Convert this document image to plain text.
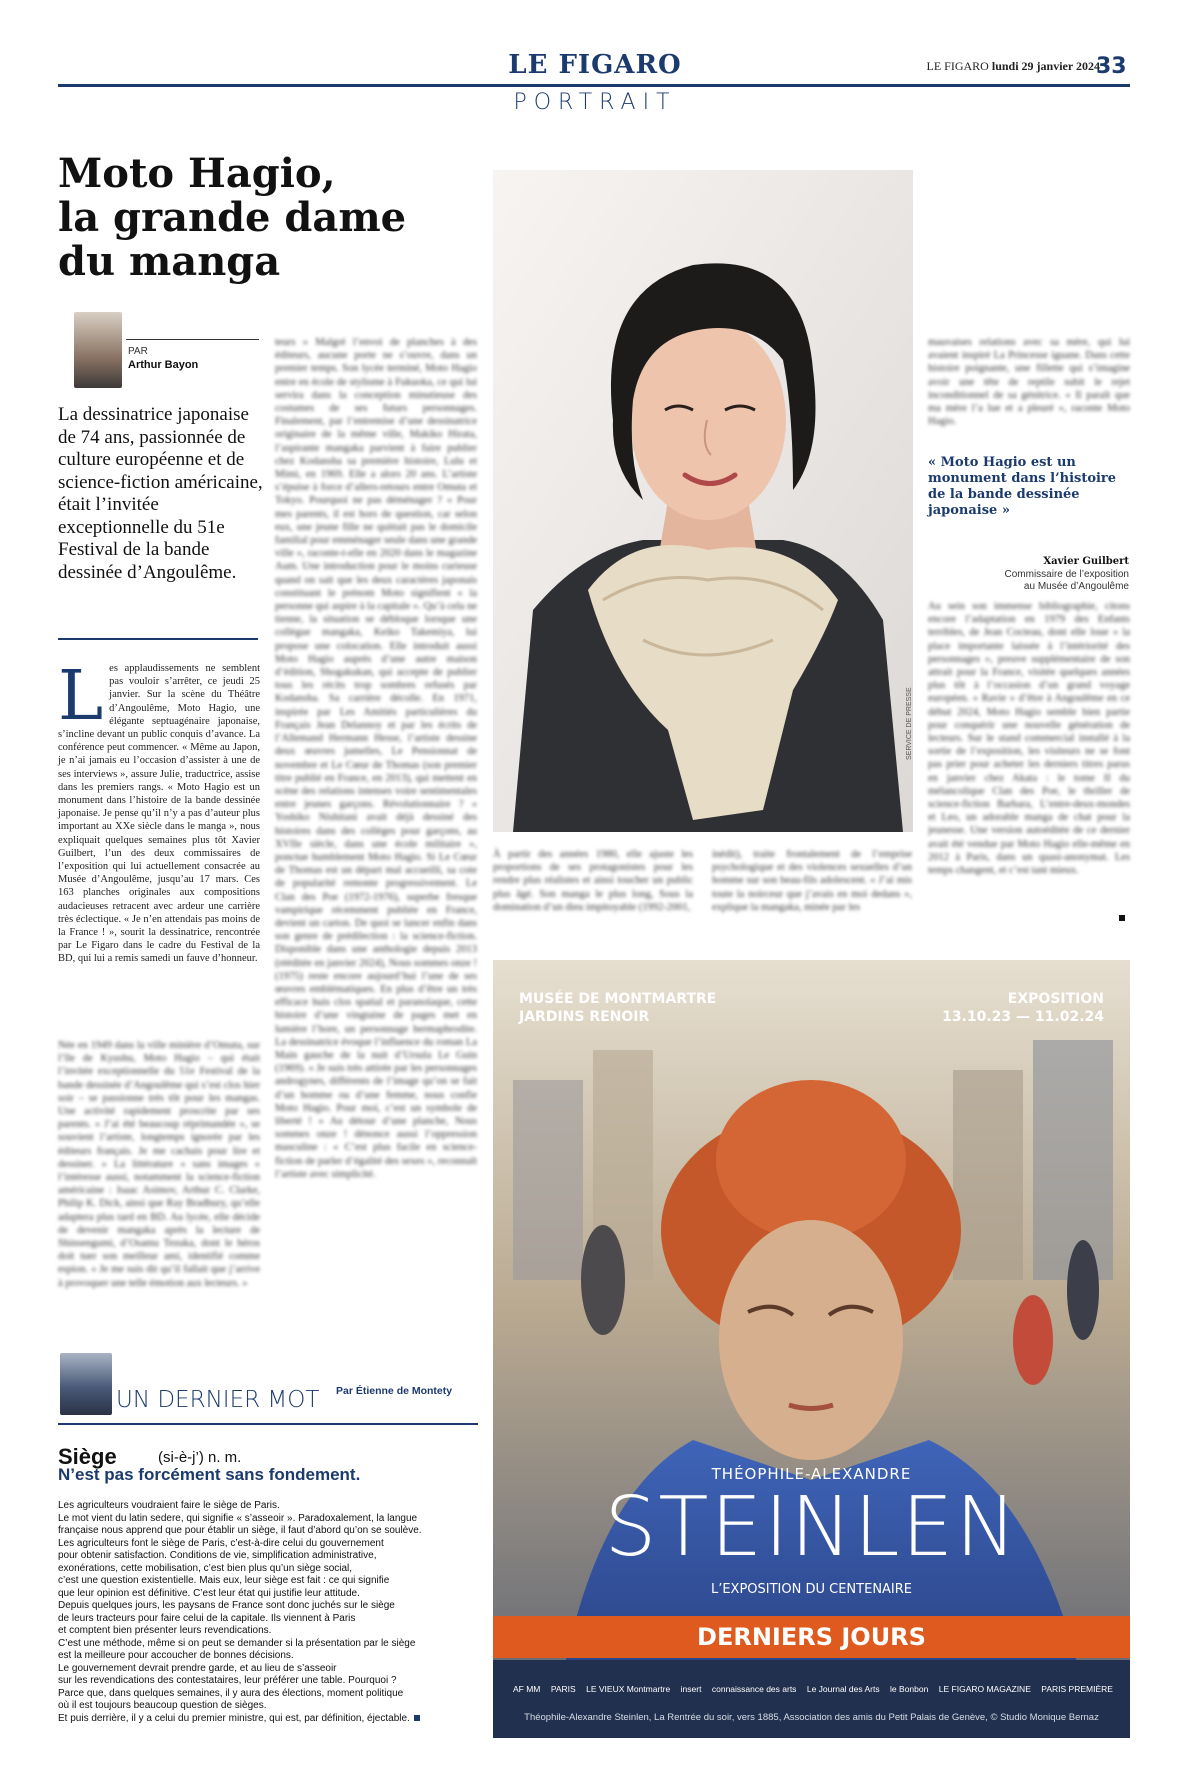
LE FIGARO
PORTRAIT
LE FIGARO lundi 29 janvier 2024
33
Moto Hagio,
la grande dame
du manga
PAR
Arthur Bayon
La dessinatrice japonaise de 74 ans, passionnée de culture européenne et de science-fiction américaine, était l’invitée exceptionnelle du 51e Festival de la bande dessinée d’Angoulême.
L es applaudissements ne semblent pas vouloir s’arrêter, ce jeudi 25 janvier. Sur la scène du Théâtre d’Angoulême, Moto Hagio, une élégante septuagénaire japonaise, s’incline devant un public conquis d’avance. La conférence peut commencer. « Même au Japon, je n’ai jamais eu l’occasion d’assister à une de ses interviews », assure Julie, traductrice, assise dans les premiers rangs. « Moto Hagio est un monument dans l’histoire de la bande dessinée japonaise. Je pense qu’il n’y a pas d’auteur plus important au XXe siècle dans le manga », nous expliquait quelques semaines plus tôt Xavier Guilbert, l’un des deux commissaires de l’exposition qui lui actuellement consacrée au Musée d’Angoulême, jusqu’au 17 mars. Ces 163 planches originales aux compositions audacieuses retracent avec ardeur une carrière très éclectique. « Je n’en attendais pas moins de la France ! », sourit la dessinatrice, rencontrée par Le Figaro dans le cadre du Festival de la BD, qui lui a remis samedi un fauve d’honneur.
Née en 1949 dans la ville minière d’Omuta, sur l’île de Kyushu, Moto Hagio – qui était l’invitée exceptionnelle du 51e Festival de la bande dessinée d’Angoulême qui s’est clos hier soir – se passionne très tôt pour les mangas. Une activité rapidement proscrite par ses parents. « J’ai été beaucoup réprimandée », se souvient l’artiste, longtemps ignorée par les éditeurs français. Je me cachais pour lire et dessiner. » La littérature « sans images » l’intéresse aussi, notamment la science-fiction américaine : Isaac Asimov, Arthur C. Clarke, Philip K. Dick, ainsi que Ray Bradbury, qu’elle adaptera plus tard en BD. Au lycée, elle décide de devenir mangaka après la lecture de Shinsengumi, d’Osamu Tezuka, dont le héros doit tuer son meilleur ami, identifié comme espion. « Je me suis dit qu’il fallait que j’arrive à provoquer une telle émotion aux lecteurs. »
teurs » Malgré l’envoi de planches à des éditeurs, aucune porte ne s’ouvre, dans un premier temps. Son lycée terminé, Moto Hagio entre en école de stylisme à Fukuoka, ce qui lui servira dans la conception minutieuse des costumes de ses futurs personnages. Finalement, par l’entremise d’une dessinatrice originaire de la même ville, Makiko Hirata, l’aspirante mangaka parvient à faire publier chez Kodansha sa première histoire, Lulu et Mimi, en 1969. Elle a alors 20 ans. L’artiste s’épuise à force d’allers-retours entre Omuta et Tokyo. Pourquoi ne pas déménager ? « Pour mes parents, il est hors de question, car selon eux, une jeune fille ne quittait pas le domicile familial pour emménager seule dans une grande ville », raconte-t-elle en 2020 dans le magazine Aum. Une introduction pour le moins curieuse quand on sait que les deux caractères japonais constituant le prénom Moto signifient « la personne qui aspire à la capitale ». Qu’à cela ne tienne, la situation se débloque lorsque une collègue mangaka, Keiko Takemiya, lui propose une colocation. Elle introduit aussi Moto Hagio auprès d’une autre maison d’édition, Shogakukan, qui accepte de publier tous les récits trop sombres refusés par Kodansha. Sa carrière décolle. En 1971, inspirée par Les Amitiés particulières du Français Jean Delannoy et par les écrits de l’Allemand Hermann Hesse, l’artiste dessine deux œuvres jumelles, Le Pensionnat de novembre et Le Cœur de Thomas (son premier titre publié en France, en 2013), qui mettent en scène des relations intenses voire sentimentales entre jeunes garçons. Révolutionnaire ? « Yoshiko Nishitani avait déjà dessiné des histoires dans des collèges pour garçons, au XVIIe siècle, dans une école militaire », ponctue humblement Moto Hagio. Si Le Cœur de Thomas est un départ mal accueilli, sa cote de popularité remonte progressivement. Le Clan des Poe (1972-1976), superbe fresque vampirique récemment publiée en France, devient un carton. De quoi se lancer enfin dans son genre de prédilection : la science-fiction. Disponible dans une anthologie depuis 2013 (rééditée en janvier 2024), Nous sommes onze ! (1975) reste encore aujourd’hui l’une de ses œuvres emblématiques. En plus d’être un très efficace huis clos spatial et paranoïaque, cette histoire d’une vingtaine de pages met en lumière l’hore, un personnage hermaphrodite. La dessinatrice évoque l’influence du roman La Main gauche de la nuit d’Ursula Le Guin (1969). « Je suis très attirée par les personnages androgynes, différents de l’image qu’on se fait d’un homme ou d’une femme, nous confie Moto Hagio. Pour moi, c’est un symbole de liberté ! » Au détour d’une planche, Nous sommes onze ! dénonce aussi l’oppression masculine : « C’est plus facile en science-fiction de parler d’égalité des sexes », reconnaît l’artiste avec simplicité.
SERVICE DE PRESSE
À partir des années 1980, elle ajuste les proportions de ses protagonistes pour les rendre plus réalistes et ainsi toucher un public plus âgé. Son manga le plus long, Sous la domination d’un dieu impitoyable (1992-2001,
inédit), traite frontalement de l’emprise psychologique et des violences sexuelles d’un homme sur son beau-fils adolescent. « J’ai mis toute la noirceur que j’avais en moi dedans », explique la mangaka, minée par les
mauvaises relations avec sa mère, qui lui avaient inspiré La Princesse iguane. Dans cette histoire poignante, une fillette qui s’imagine avoir une tête de reptile subit le rejet inconditionnel de sa génitrice. « Il paraît que ma mère l’a lue et a pleuré », raconte Moto Hagio.
« Moto Hagio est un monument dans l’histoire de la bande dessinée japonaise »
Xavier Guilbert
Commissaire de l’exposition
au Musée d’Angoulême
Au sein son immense bibliographie, citons encore l’adaptation en 1979 des Enfants terribles, de Jean Cocteau, dont elle loue « la place importante laissée à l’intériorité des personnages », preuve supplémentaire de son attrait pour la France, visitée quelques années plus tôt à l’occasion d’un grand voyage européen. « Ravie » d’être à Angoulême en ce début 2024, Moto Hagio semble bien partie pour conquérir une nouvelle génération de lecteurs. Sur le stand commercial installé à la sortie de l’exposition, les visiteurs ne se font pas prier pour acheter les derniers titres parus en janvier chez Akata : le tome II du mélancolique Clan des Poe, le thriller de science-fiction Barbara, L’entre-deux-mondes et Leo, un adorable manga de chat pour la jeunesse. Une version autoéditée de ce dernier avait été vendue par Moto Hagio elle-même en 2012 à Paris, dans un quasi-anonymat. Les temps changent, et c’est tant mieux.
MUSÉE DE MONTMARTRE
JARDINS RENOIR
EXPOSITION
13.10.23 — 11.02.24
THÉOPHILE-ALEXANDRE
STEINLEN
L’EXPOSITION DU CENTENAIRE
DERNIERS JOURS
AF MM PARIS LE VIEUX Montmartre insert connaissance des arts Le Journal des Arts le Bonbon LE FIGARO MAGAZINE PARIS PREMIÈRE
Théophile-Alexandre Steinlen, La Rentrée du soir, vers 1885, Association des amis du Petit Palais de Genève, © Studio Monique Bernaz
UN DERNIER MOT Par Étienne de Montety
Siège	(si-è-j’) n. m.
N’est pas forcément sans fondement.

Les agriculteurs voudraient faire le siège de Paris.

Le mot vient du latin sedere, qui signifie « s’asseoir ». Paradoxalement, la langue

française nous apprend que pour établir un siège, il faut d’abord qu’on se soulève.

Les agriculteurs font le siège de Paris, c’est-à-dire celui du gouvernement

pour obtenir satisfaction. Conditions de vie, simplification administrative,

exonérations, cette mobilisation, c’est bien plus qu’un siège social,

c’est une question existentielle. Mais eux, leur siège est fait : ce qui signifie

que leur opinion est définitive. C’est leur état qui justifie leur attitude.

Depuis quelques jours, les paysans de France sont donc juchés sur le siège

de leurs tracteurs pour faire celui de la capitale. Ils viennent à Paris

et comptent bien présenter leurs revendications.

C’est une méthode, même si on peut se demander si la présentation par le siège

est la meilleure pour accoucher de bonnes décisions.

Le gouvernement devrait prendre garde, et au lieu de s’asseoir

sur les revendications des contestataires, leur préférer une table. Pourquoi ?

Parce que, dans quelques semaines, il y aura des élections, moment politique

où il est toujours beaucoup question de sièges.

Et puis derrière, il y a celui du premier ministre, qui est, par définition, éjectable.
